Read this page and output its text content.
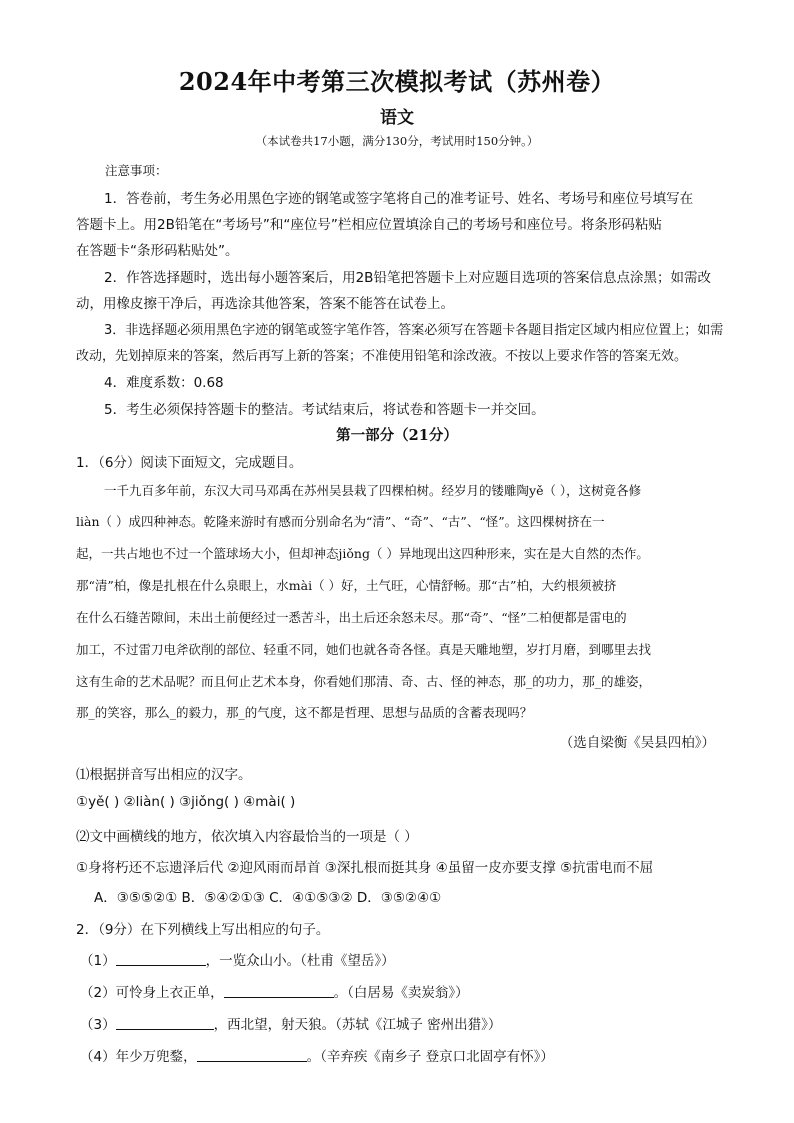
2024年中考第三次模拟考试（苏州卷）
语文
（本试卷共17小题，满分130分，考试用时150分钟。）
注意事项：
1．答卷前，考生务必用黑色字迹的钢笔或签字笔将自己的准考证号、姓名、考场号和座位号填写在
答题卡上。用2B铅笔在“考场号”和“座位号”栏相应位置填涂自己的考场号和座位号。将条形码粘贴
在答题卡“条形码粘贴处”。
2．作答选择题时，选出每小题答案后，用2B铅笔把答题卡上对应题目选项的答案信息点涂黑；如需改
动，用橡皮擦干净后，再选涂其他答案，答案不能答在试卷上。
3．非选择题必须用黑色字迹的钢笔或签字笔作答，答案必须写在答题卡各题目指定区域内相应位置上；如需
改动，先划掉原来的答案，然后再写上新的答案；不准使用铅笔和涂改液。不按以上要求作答的答案无效。
4．难度系数：0.68
5．考生必须保持答题卡的整洁。考试结束后，将试卷和答题卡一并交回。
第一部分（21分）
1．（6分）阅读下面短文，完成题目。
一千九百多年前，东汉大司马邓禹在苏州吴县栽了四棵柏树。经岁月的镂雕陶yě（ ），这树竟各修
liàn（ ）成四种神态。乾隆来游时有感而分别命名为“清”、“奇”、“古”、“怪”。这四棵树挤在一
起，一共占地也不过一个篮球场大小，但却神态jiǒng（ ）异地现出这四种形来，实在是大自然的杰作。
那“清”柏，像是扎根在什么泉眼上，水mài（ ）好，土气旺，心情舒畅。那“古”柏，大约根须被挤
在什么石缝苦隙间，未出土前便经过一悉苦斗，出土后还余怒未尽。那“奇”、“怪”二柏便都是雷电的
加工，不过雷刀电斧砍削的部位、轻重不同，她们也就各奇各怪。真是天雕地塑，岁打月磨，到哪里去找
这有生命的艺术品呢？而且何止艺术本身，你看她们那清、奇、古、怪的神态，那_的功力，那_的雄姿，
那_的笑容，那么_的毅力，那_的气度，这不都是哲理、思想与品质的含蓄表现吗？
（选自梁衡《吴县四柏》）
⑴根据拼音写出相应的汉字。
①yě( ) ②liàn( ) ③jiǒng( ) ④mài( )
⑵文中画横线的地方，依次填入内容最恰当的一项是（ ）
①身将朽还不忘遗泽后代 ②迎风雨而昂首 ③深扎根而挺其身 ④虽留一皮亦要支撑 ⑤抗雷电而不屈
A．③⑤⑤②① B．⑤④②①③ C．④①⑤③② D．③⑤②④①
2．（9分）在下列横线上写出相应的句子。
（1）	，一览众山小。（杜甫《望岳》）
（2）可怜身上衣正单，	。（白居易《卖炭翁》）
（3）	，西北望，射天狼。（苏轼《江城子 密州出猎》）
（4）年少万兜鍪，	。（辛弃疾《南乡子 登京口北固亭有怀》）
